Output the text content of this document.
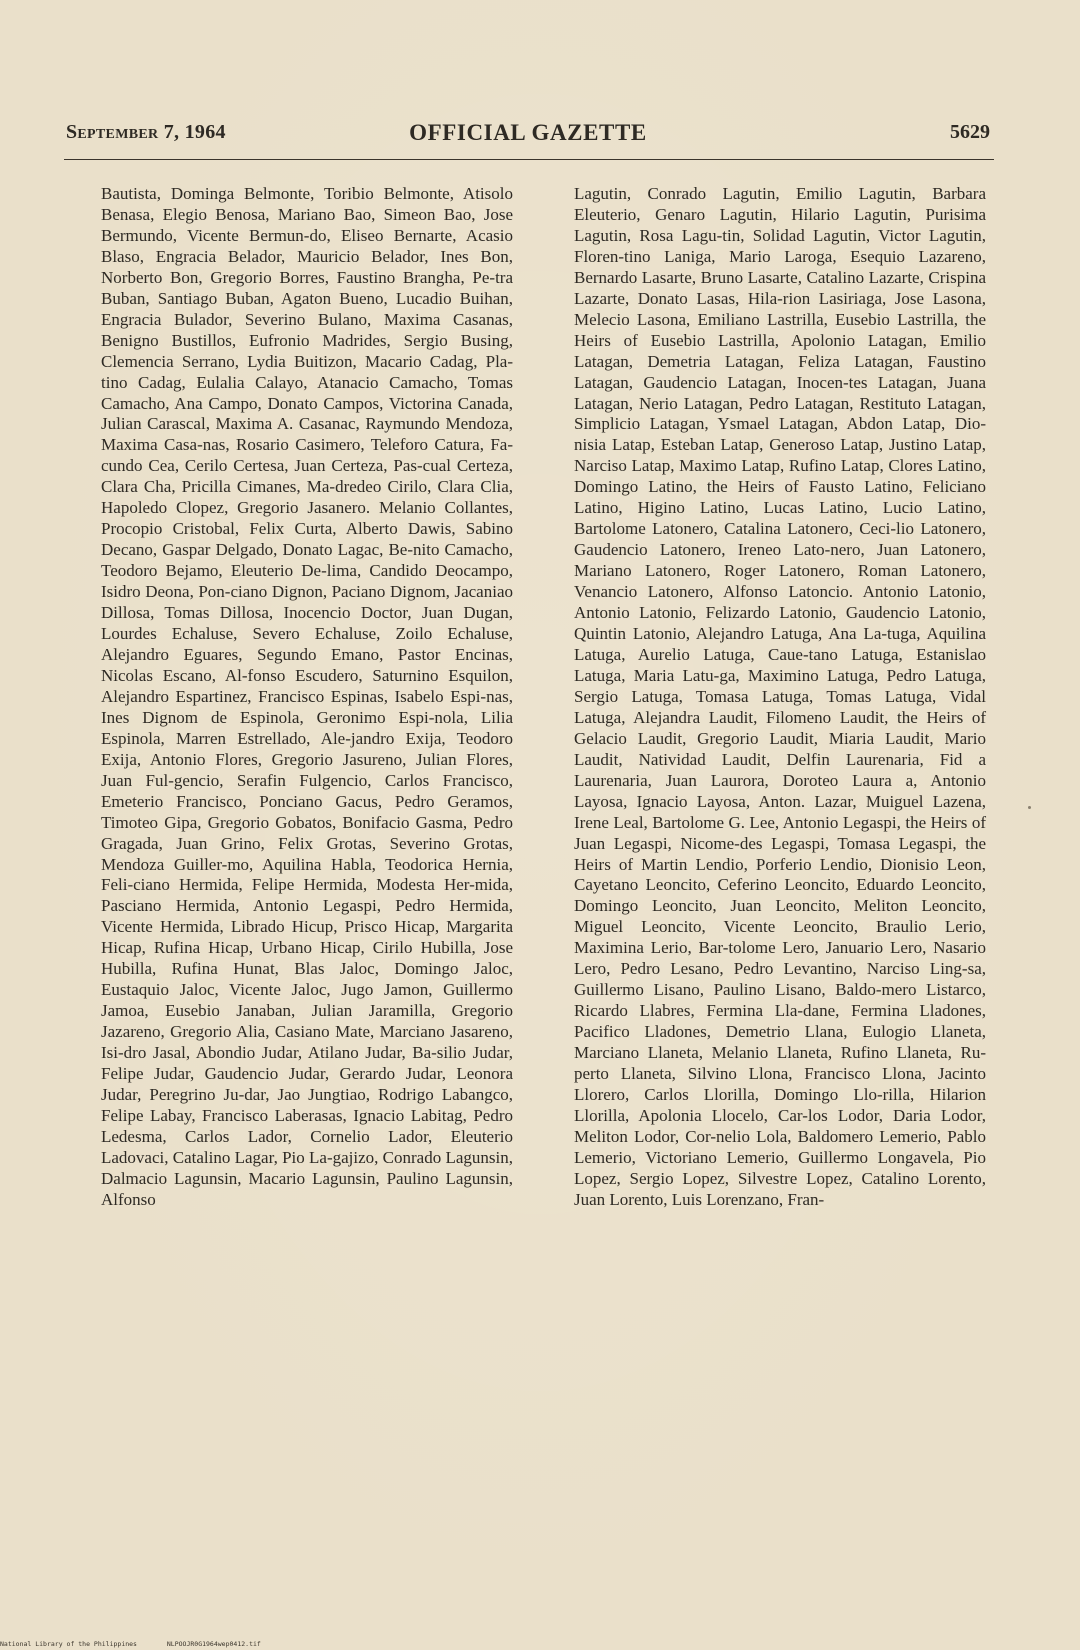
September 7, 1964	OFFICIAL GAZETTE	5629
Bautista, Dominga Belmonte, Toribio Belmonte, Atisolo Benasa, Elegio Benosa, Mariano Bao, Simeon Bao, Jose Bermundo, Vicente Bermun-do, Eliseo Bernarte, Acasio Blaso, Engracia Belador, Mauricio Belador, Ines Bon, Norberto Bon, Gregorio Borres, Faustino Brangha, Pe-tra Buban, Santiago Buban, Agaton Bueno, Lucadio Buihan, Engracia Bulador, Severino Bulano, Maxima Casanas, Benigno Bustillos, Eufronio Madrides, Sergio Busing, Clemencia Serrano, Lydia Buitizon, Macario Cadag, Pla-tino Cadag, Eulalia Calayo, Atanacio Camacho, Tomas Camacho, Ana Campo, Donato Campos, Victorina Canada, Julian Carascal, Maxima A. Casanac, Raymundo Mendoza, Maxima Casa-nas, Rosario Casimero, Teleforo Catura, Fa-cundo Cea, Cerilo Certesa, Juan Certeza, Pas-cual Certeza, Clara Cha, Pricilla Cimanes, Ma-dredeo Cirilo, Clara Clia, Hapoledo Clopez, Gregorio Jasanero. Melanio Collantes, Procopio Cristobal, Felix Curta, Alberto Dawis, Sabino Decano, Gaspar Delgado, Donato Lagac, Be-nito Camacho, Teodoro Bejamo, Eleuterio De-lima, Candido Deocampo, Isidro Deona, Pon-ciano Dignon, Paciano Dignom, Jacaniao Dillosa, Tomas Dillosa, Inocencio Doctor, Juan Dugan, Lourdes Echaluse, Severo Echaluse, Zoilo Echaluse, Alejandro Eguares, Segundo Emano, Pastor Encinas, Nicolas Escano, Al-fonso Escudero, Saturnino Esquilon, Alejandro Espartinez, Francisco Espinas, Isabelo Espi-nas, Ines Dignom de Espinola, Geronimo Espi-nola, Lilia Espinola, Marren Estrellado, Ale-jandro Exija, Teodoro Exija, Antonio Flores, Gregorio Jasureno, Julian Flores, Juan Ful-gencio, Serafin Fulgencio, Carlos Francisco, Emeterio Francisco, Ponciano Gacus, Pedro Geramos, Timoteo Gipa, Gregorio Gobatos, Bonifacio Gasma, Pedro Gragada, Juan Grino, Felix Grotas, Severino Grotas, Mendoza Guiller-mo, Aquilina Habla, Teodorica Hernia, Feli-ciano Hermida, Felipe Hermida, Modesta Her-mida, Pasciano Hermida, Antonio Legaspi, Pedro Hermida, Vicente Hermida, Librado Hicup, Prisco Hicap, Margarita Hicap, Rufina Hicap, Urbano Hicap, Cirilo Hubilla, Jose Hubilla, Rufina Hunat, Blas Jaloc, Domingo Jaloc, Eustaquio Jaloc, Vicente Jaloc, Jugo Jamon, Guillermo Jamoa, Eusebio Janaban, Julian Jaramilla, Gregorio Jazareno, Gregorio Alia, Casiano Mate, Marciano Jasareno, Isi-dro Jasal, Abondio Judar, Atilano Judar, Ba-silio Judar, Felipe Judar, Gaudencio Judar, Gerardo Judar, Leonora Judar, Peregrino Ju-dar, Jao Jungtiao, Rodrigo Labangco, Felipe Labay, Francisco Laberasas, Ignacio Labitag, Pedro Ledesma, Carlos Lador, Cornelio Lador, Eleuterio Ladovaci, Catalino Lagar, Pio La-gajizo, Conrado Lagunsin, Dalmacio Lagunsin, Macario Lagunsin, Paulino Lagunsin, Alfonso
Lagutin, Conrado Lagutin, Emilio Lagutin, Barbara Eleuterio, Genaro Lagutin, Hilario Lagutin, Purisima Lagutin, Rosa Lagu-tin, Solidad Lagutin, Victor Lagutin, Floren-tino Laniga, Mario Laroga, Esequio Lazareno, Bernardo Lasarte, Bruno Lasarte, Catalino Lazarte, Crispina Lazarte, Donato Lasas, Hila-rion Lasiriaga, Jose Lasona, Melecio Lasona, Emiliano Lastrilla, Eusebio Lastrilla, the Heirs of Eusebio Lastrilla, Apolonio Latagan, Emilio Latagan, Demetria Latagan, Feliza Latagan, Faustino Latagan, Gaudencio Latagan, Inocen-tes Latagan, Juana Latagan, Nerio Latagan, Pedro Latagan, Restituto Latagan, Simplicio Latagan, Ysmael Latagan, Abdon Latap, Dio-nisia Latap, Esteban Latap, Generoso Latap, Justino Latap, Narciso Latap, Maximo Latap, Rufino Latap, Clores Latino, Domingo Latino, the Heirs of Fausto Latino, Feliciano Latino, Higino Latino, Lucas Latino, Lucio Latino, Bartolome Latonero, Catalina Latonero, Ceci-lio Latonero, Gaudencio Latonero, Ireneo Lato-nero, Juan Latonero, Mariano Latonero, Roger Latonero, Roman Latonero, Venancio Latonero, Alfonso Latoncio. Antonio Latonio, Antonio Latonio, Felizardo Latonio, Gaudencio Latonio, Quintin Latonio, Alejandro Latuga, Ana La-tuga, Aquilina Latuga, Aurelio Latuga, Caue-tano Latuga, Estanislao Latuga, Maria Latu-ga, Maximino Latuga, Pedro Latuga, Sergio Latuga, Tomasa Latuga, Tomas Latuga, Vidal Latuga, Alejandra Laudit, Filomeno Laudit, the Heirs of Gelacio Laudit, Gregorio Laudit, Miaria Laudit, Mario Laudit, Natividad Laudit, Delfin Laurenaria, Fid a Laurenaria, Juan Laurora, Doroteo Laura a, Antonio Layosa, Ignacio Layosa, Anton. Lazar, Muiguel Lazena, Irene Leal, Bartolome G. Lee, Antonio Legaspi, the Heirs of Juan Legaspi, Nicome-des Legaspi, Tomasa Legaspi, the Heirs of Martin Lendio, Porferio Lendio, Dionisio Leon, Cayetano Leoncito, Ceferino Leoncito, Eduardo Leoncito, Domingo Leoncito, Juan Leoncito, Meliton Leoncito, Miguel Leoncito, Vicente Leoncito, Braulio Lerio, Maximina Lerio, Bar-tolome Lero, Januario Lero, Nasario Lero, Pedro Lesano, Pedro Levantino, Narciso Ling-sa, Guillermo Lisano, Paulino Lisano, Baldo-mero Listarco, Ricardo Llabres, Fermina Lla-dane, Fermina Lladones, Pacifico Lladones, Demetrio Llana, Eulogio Llaneta, Marciano Llaneta, Melanio Llaneta, Rufino Llaneta, Ru-perto Llaneta, Silvino Llona, Francisco Llona, Jacinto Llorero, Carlos Llorilla, Domingo Llo-rilla, Hilarion Llorilla, Apolonia Llocelo, Car-los Lodor, Daria Lodor, Meliton Lodor, Cor-nelio Lola, Baldomero Lemerio, Pablo Lemerio, Victoriano Lemerio, Guillermo Longavela, Pio Lopez, Sergio Lopez, Silvestre Lopez, Catalino Lorento, Juan Lorento, Luis Lorenzano, Fran-
National Library of the Philippines	NLPOOJR0G1964wep0412.tif
